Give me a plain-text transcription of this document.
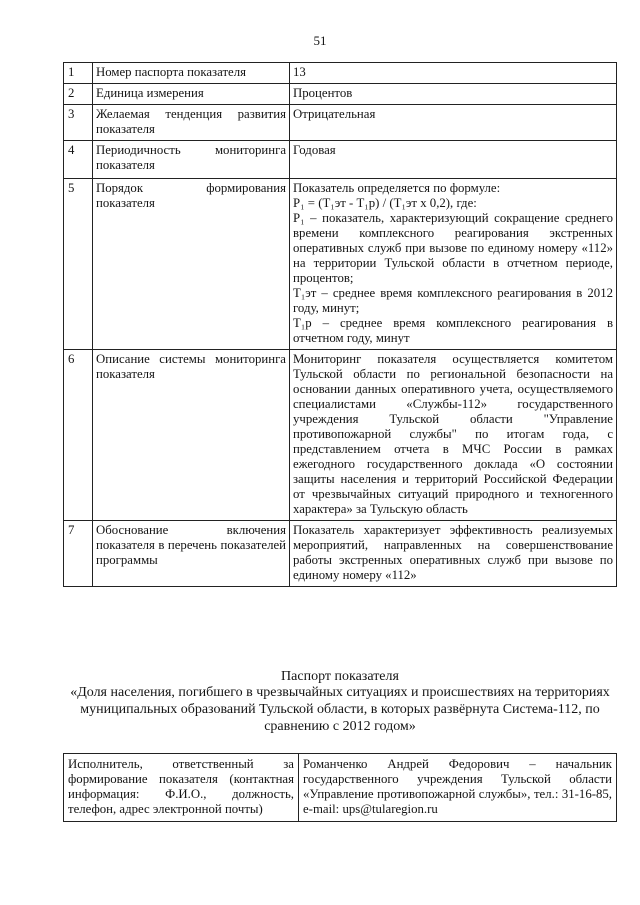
51
1	Номер паспорта показателя	13
2	Единица измерения	Процентов
3	Желаемая тенденция развития показателя	Отрицательная
4	Периодичность мониторинга показателя	Годовая
5	Порядок формирования показателя	Показатель определяется по формуле:
P₁ = (T₁эт - T₁р) / (T₁эт x 0,2), где:
P₁ – показатель, характеризующий сокращение среднего времени комплексного реагирования экстренных оперативных служб при вызове по единому номеру «112» на территории Тульской области в отчетном периоде, процентов;
T₁эт – среднее время комплексного реагирования в 2012 году, минут;
T₁р – среднее время комплексного реагирования в отчетном году, минут

6	Описание системы мониторинга показателя	Мониторинг показателя осуществляется комитетом Тульской области по региональной безопасности на основании данных оперативного учета, осуществляемого специалистами «Службы-112» государственного учреждения Тульской области "Управление противопожарной службы" по итогам года, с представлением отчета в МЧС России в рамках ежегодного государственного доклада «О состоянии защиты населения и территорий Российской Федерации от чрезвычайных ситуаций природного и техногенного характера» за Тульскую область
7	Обоснование включения показателя в перечень показателей программы	Показатель характеризует эффективность реализуемых мероприятий, направленных на совершенствование работы экстренных оперативных служб при вызове по единому номеру «112»
Паспорт показателя
«Доля населения, погибшего в чрезвычайных ситуациях и происшествиях на территориях муниципальных образований Тульской области, в которых развёрнута Система-112, по сравнению с 2012 годом»
Исполнитель, ответственный за формирование показателя (контактная информация: Ф.И.О., должность, телефон, адрес электронной почты)	Романченко Андрей Федорович – начальник государственного учреждения Тульской области «Управление противопожарной службы», тел.: 31-16-85, e-mail: ups@tularegion.ru
